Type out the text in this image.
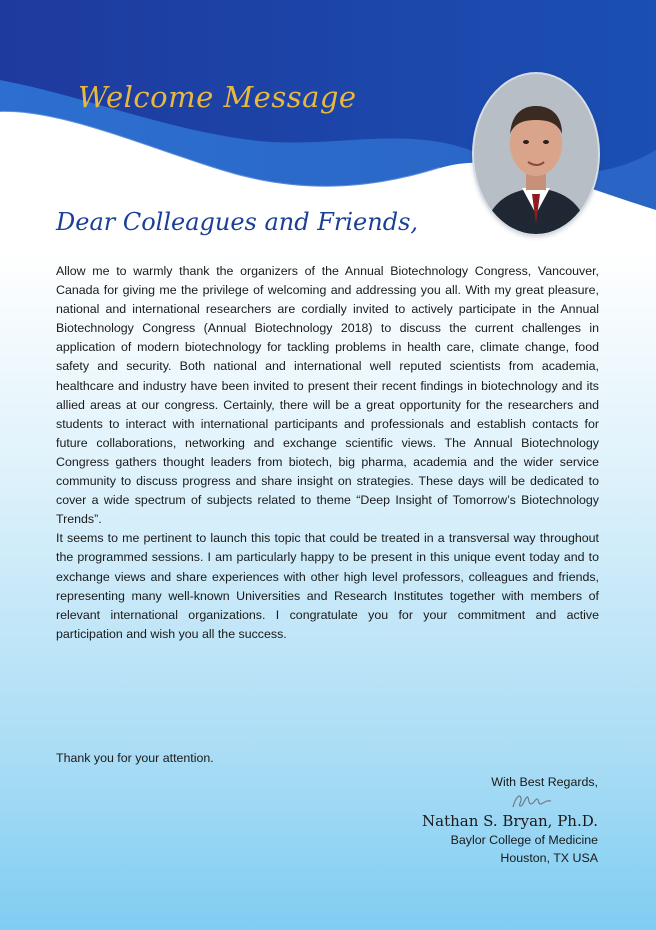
Welcome Message
Dear Colleagues and Friends,

Allow me to warmly thank the organizers of the Annual Biotechnology Congress, Vancouver, Canada for giving me the privilege of welcoming and addressing you all. With my great pleasure, national and international researchers are cordially invited to actively participate in the Annual Biotechnology Congress (Annual Biotechnology 2018) to discuss the current challenges in application of modern biotechnology for tackling problems in health care, climate change, food safety and security. Both national and international well reputed scientists from academia, healthcare and industry have been invited to present their recent findings in biotechnology and its allied areas at our congress. Certainly, there will be a great opportunity for the researchers and students to interact with international participants and professionals and establish contacts for future collaborations, networking and exchange scientific views. The Annual Biotechnology Congress gathers thought leaders from biotech, big pharma, academia and the wider service community to discuss progress and share insight on strategies. These days will be dedicated to cover a wide spectrum of subjects related to theme “Deep Insight of Tomorrow’s Biotechnology Trends”.

It seems to me pertinent to launch this topic that could be treated in a transversal way throughout the programmed sessions. I am particularly happy to be present in this unique event today and to exchange views and share experiences with other high level professors, colleagues and friends, representing many well-known Universities and Research Institutes together with members of relevant international organizations. I congratulate you for your commitment and active participation and wish you all the success.

Thank you for your attention.

With Best Regards,
Nathan S. Bryan, Ph.D.
Baylor College of Medicine
Houston, TX USA
